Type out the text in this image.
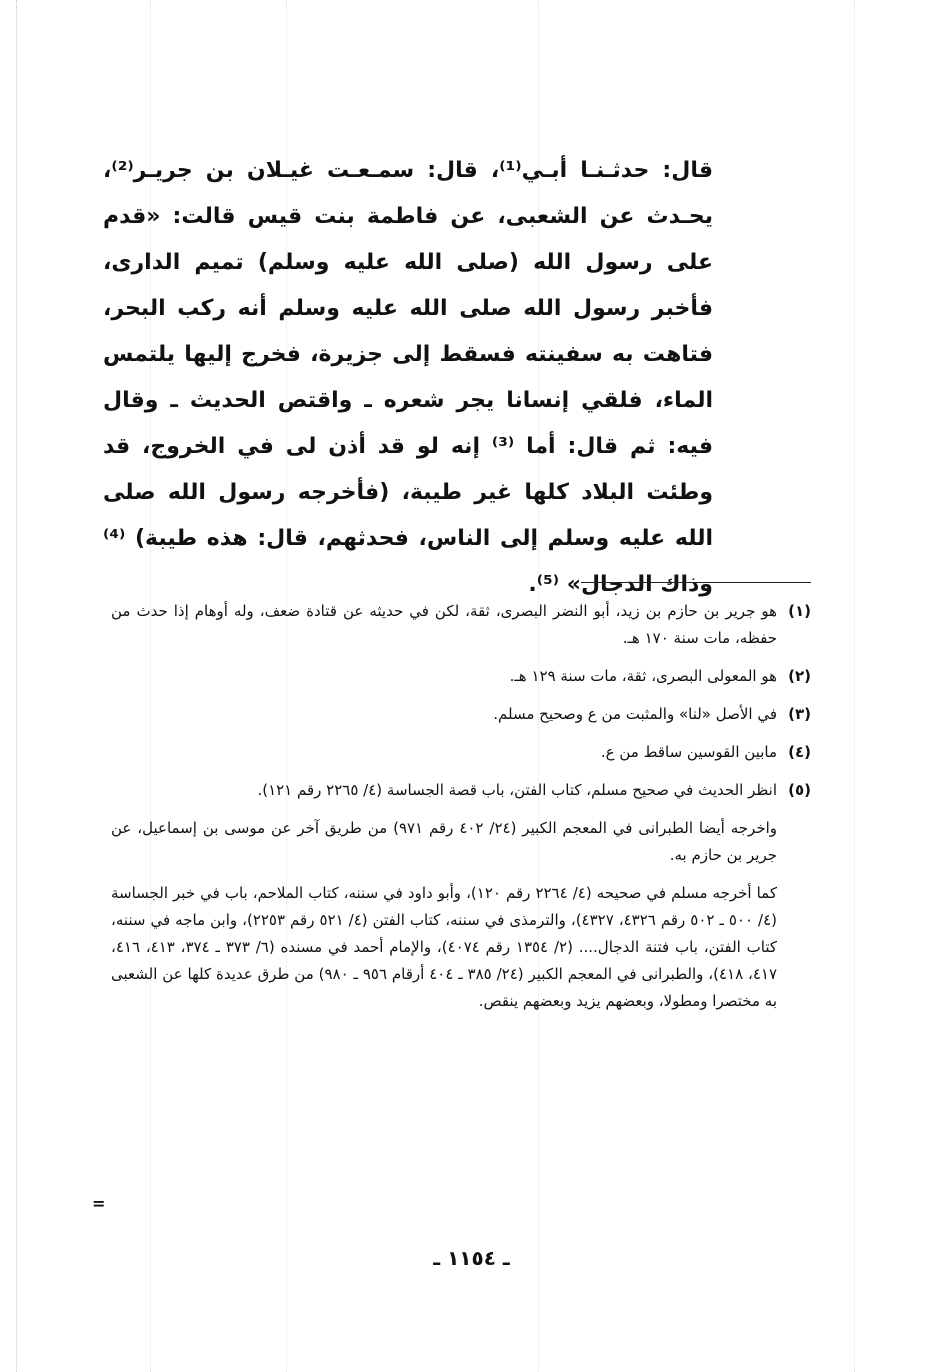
قال: حدثـنـا أبـي⁽¹⁾، قال: سمـعـت غيـلان بن جريـر⁽²⁾، يحـدث عن الشعبى، عن فاطمة بنت قيس قالت: «قدم على رسول الله (صلى الله عليه وسلم) تميم الدارى، فأخبر رسول الله صلى الله عليه وسلم أنه ركب البحر، فتاهت به سفينته فسقط إلى جزيرة، فخرج إليها يلتمس الماء، فلقي إنسانا يجر شعره ـ واقتص الحديث ـ وقال فيه: ثم قال: أما ⁽³⁾ إنه لو قد أذن لى في الخروج، قد وطئت البلاد كلها غير طيبة، (فأخرجه رسول الله صلى الله عليه وسلم إلى الناس، فحدثهم، قال: هذه طيبة) ⁽⁴⁾ وذاك الدجال» ⁽⁵⁾.

(١)
هو جرير بن حازم بن زيد، أبو النضر البصرى، ثقة، لكن في حديثه عن قتادة ضعف، وله أوهام إذا حدث من حفظه، مات سنة ١٧٠ هـ.
(٢)
هو المعولى البصرى، ثقة، مات سنة ١٢٩ هـ.
(٣)
في الأصل «لنا» والمثبت من ع وصحيح مسلم.
(٤)
مابين القوسين ساقط من ع.
(٥)
انظر الحديث في صحيح مسلم، كتاب الفتن، باب قصة الجساسة (٤/ ٢٢٦٥ رقم ١٢١).
واخرجه أيضا الطبرانى في المعجم الكبير (٢٤/ ٤٠٢ رقم ٩٧١) من طريق آخر عن موسى بن إسماعيل، عن جرير بن حازم به.
كما أخرجه مسلم في صحيحه (٤/ ٢٢٦٤ رقم ١٢٠)، وأبو داود في سننه، كتاب الملاحم، باب في خبر الجساسة (٤/ ٥٠٠ ـ ٥٠٢ رقم ٤٣٢٦، ٤٣٢٧)، والترمذى في سننه، كتاب الفتن (٤/ ٥٢١ رقم ٢٢٥٣)، وابن ماجه في سننه، كتاب الفتن، باب فتنة الدجال.... (٢/ ١٣٥٤ رقم ٤٠٧٤)، والإمام أحمد في مسنده (٦/ ٣٧٣ ـ ٣٧٤، ٤١٣، ٤١٦، ٤١٧، ٤١٨)، والطبرانى في المعجم الكبير (٢٤/ ٣٨٥ ـ ٤٠٤ أرقام ٩٥٦ ـ ٩٨٠) من طرق عديدة كلها عن الشعبى به مختصرا ومطولا، وبعضهم يزيد وبعضهم ينقص.
=
ـ ١١٥٤ ـ
